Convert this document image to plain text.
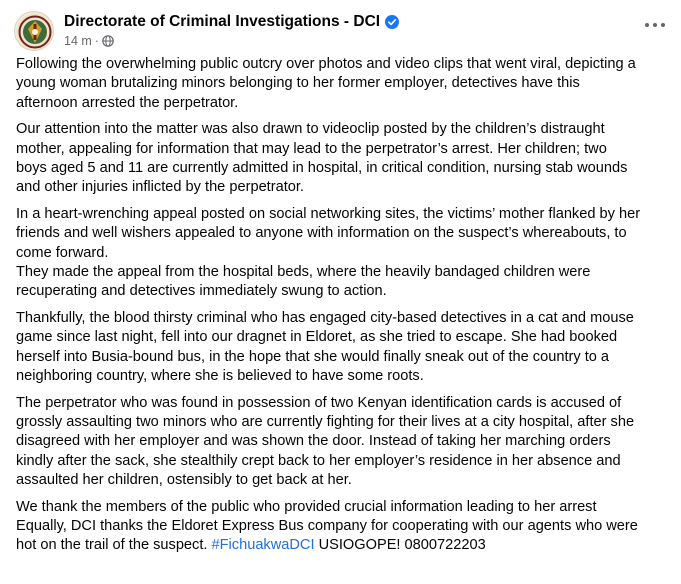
Directorate of Criminal Investigations - DCI
14 m ·
Following the overwhelming public outcry over photos and video clips that went viral, depicting a
young woman brutalizing minors belonging to her former employer, detectives have this
afternoon arrested the perpetrator.
Our attention into the matter was also drawn to videoclip posted by the children’s distraught
mother, appealing for information that may lead to the perpetrator’s arrest. Her children; two
boys aged 5 and 11 are currently admitted in hospital, in critical condition, nursing stab wounds
and other injuries inflicted by the perpetrator.
In a heart-wrenching appeal posted on social networking sites, the victims’ mother flanked by her
friends and well wishers appealed to anyone with information on the suspect’s whereabouts, to
come forward.
They made the appeal from the hospital beds, where the heavily bandaged children were
recuperating and detectives immediately swung to action.
Thankfully, the blood thirsty criminal who has engaged city-based detectives in a cat and mouse
game since last night, fell into our dragnet in Eldoret, as she tried to escape. She had booked
herself into Busia-bound bus, in the hope that she would finally sneak out of the country to a
neighboring country, where she is believed to have some roots.
The perpetrator who was found in possession of two Kenyan identification cards is accused of
grossly assaulting two minors who are currently fighting for their lives at a city hospital, after she
disagreed with her employer and was shown the door. Instead of taking her marching orders
kindly after the sack, she stealthily crept back to her employer’s residence in her absence and
assaulted her children, ostensibly to get back at her.
We thank the members of the public who provided crucial information leading to her arrest
Equally, DCI thanks the Eldoret Express Bus company for cooperating with our agents who were
hot on the trail of the suspect. #FichuakwaDCI USIOGOPE! 0800722203
